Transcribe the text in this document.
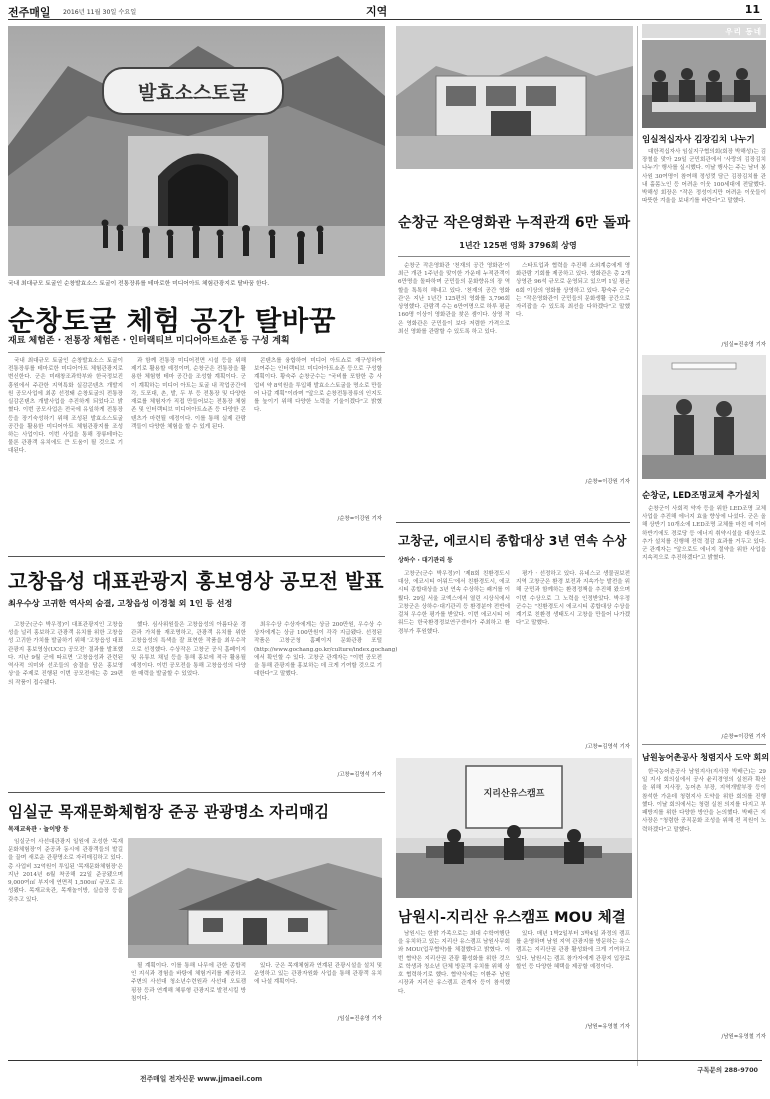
전주매일 2016년 11월 30일 수요일	지역	11
발효소스토굴
국내 최대규모 토굴인 순창발효소스 토굴이 전통장류를 테마로한 미디어아트 체험관광지로 탈바꿈 한다.
순창토굴 체험 공간 탈바꿈
재료 체험존 · 전통장 체험존 · 인터랙티브 미디어아트쇼존 등 구성 계획

국내 최대규모 토굴인 순창발효소스 토굴이 전통장류를 테마로한 미디어아트 체험관광지로 변신한다. 군은 미래창조과학부와 한국정보진흥원에서 주관한 지역특화 실감콘텐츠 개발지원 공모사업에 최종 선정돼 순창토굴의 전통장 실감콘텐츠 개발사업을 추진하게 되었다고 밝혔다. 이번 공모사업은 전국에 유일하게 전통장 등을 장기숙성하기 위해 조성된 발효소스토굴 공간을 활용한 미디어아트 체험관광지를 조성하는 사업이다. 이번 사업을 통해 장류테마는 물론 관광객 유치에도 큰 도움이 될 것으로 기대된다.

과 함께 전통장 미디어전면 시설 등을 위해 제기로 활용할 예정이며, 순창군은 전통장을 활용한 체험형 테마 공간을 조성할 계획이다. 군이 계획하는 미디어 아트는 토굴 내 작업공간에 각, 도포대, 촌, 발, 두 부 등 전통장 및 다양한 재료를 체험자가 직접 만들어보는 전통장 체험존 및 인터랙티브 미디어아트쇼존 등 다양한 콘텐츠가 마련될 예정이다. 이를 통해 실제 관람객들이 다양한 체험을 할 수 있게 된다.

콘텐츠를 융합하여 미디어 아트쇼로 재구성하여 보여주는 인터랙티브 미디어아트쇼존 등으로 구성할 계획이다. 황숙주 순창군수는 "국비를 포함한 총 사업비 약 8억원을 투입해 발효소스토굴을 명소로 만들어 나갈 계획"이라며 "앞으로 순창전통장류의 인지도를 높이기 위해 다양한 노력을 기울이겠다"고 밝혔다.

/순창=이강원 기자
순창군 작은영화관 누적관객 6만 돌파
1년간 125편 영화 3796회 상영

순창군 작은영화관 '천재의 공간 영화관'이 최근 개관 1주년을 맞이한 가운데 누적관객이 6만명을 돌파하며 군민들의 문화향유의 장 역할을 톡톡히 해내고 있다. '천재의 공간 영화관'은 지난 1년간 125편의 영화를 3,796회 상영했다. 관람객 수는 6만여명으로 하루 평균 160명 이상이 영화관을 찾은 셈이다. 상영 작은 영화관은 군민들이 보다 저렴한 가격으로 최신 영화를 관람할 수 있도록 하고 있다.

스타트업과 협력을 추진해 소외계층에게 영화관람 기회를 제공하고 있다. 영화관은 총 2개 상영관 96석 규모로 운영되고 있으며 1일 평균 6회 이상의 영화를 상영하고 있다. 황숙주 군수는 "작은영화관이 군민들의 문화생활 공간으로 자리잡을 수 있도록 최선을 다하겠다"고 말했다.

/순창=이강원 기자
고창읍성 대표관광지 홍보영상 공모전 발표
최우수상 고귀한 역사의 숨결, 고창읍성 이경철 외 1인 등 선정

고창군(군수 박우정)이 대표관광지인 고창읍성을 널리 홍보하고 관광객 유치를 위한 고창읍성 고귀한 가치를 발굴하기 위해 '고창읍성 대표관광지 홍보영상(UCC) 공모전' 결과를 발표했다. 지난 9월 군에 따르면 '고창읍성과 관련된 역사적 의미와 선조들의 숨결을 담은 홍보영상'을 주제로 진행된 이번 공모전에는 총 29편의 작품이 접수됐다.

했다. 심사위원들은 고창읍성의 아름다운 경관과 가치를 재조명하고, 관광객 유치를 위한 고창읍성의 특색을 잘 표현한 작품을 최우수작으로 선정했다. 수상작은 고창군 공식 홈페이지 및 유튜브 채널 등을 통해 홍보에 적극 활용될 예정이다. 이번 공모전을 통해 고창읍성의 다양한 매력을 발굴할 수 있었다.

최우수상 수상자에게는 상금 200만원, 우수상 수상자에게는 상금 100만원이 각각 지급됐다. 선정된 작품은 고창군청 홈페이지 문화관광 포털(http://www.gochang.go.kr/culture/index.gochang)에서 확인할 수 있다. 고창군 관계자는 "이번 공모전을 통해 관광지를 홍보하는 데 크게 기여할 것으로 기대한다"고 말했다.

/고창=김영석 기자
고창군, 에코시티 종합대상 3년 연속 수상
상하수 · 대기관리 등

고창군(군수 박우정)이 '제8회 친환경도시대상, 에코시티 어워드'에서 친환경도시, 에코시티 종합대상을 3년 연속 수상하는 쾌거를 이뤘다. 29일 서울 코엑스에서 열린 시상식에서 고창군은 상하수·대기관리 등 환경분야 전반에 걸쳐 우수한 평가를 받았다. 이번 에코시티 어워드는 한국환경정보연구센터가 주최하고 환경부가 후원했다.

평가 · 선정하고 있다. 유네스코 생물권보전지역 고창군은 환경 보전과 지속가능 발전을 위해 군민과 함께하는 환경정책을 추진해 왔으며 이번 수상으로 그 노력을 인정받았다. 박우정 군수는 "친환경도시 에코시티 종합대상 수상을 계기로 친환경 생태도시 고창을 만들어 나가겠다"고 말했다.

/고창=김영석 기자
임실군 목재문화체험장 준공 관광명소 자리매김
목재교육관 · 놀이방 등

임실군이 사선대관광지 일원에 조성한 '목재문화체험장'이 준공과 동시에 관광객들의 발길을 끌며 새로운 관광명소로 자리매김하고 있다. 총 사업비 32억원이 투입된 '목재문화체험장'은 지난 2014년 6월 착공해 22일 준공됐으며 9,000여㎡ 부지에 연면적 1,500㎡ 규모로 조성됐다. 목재교육관, 목재놀이방, 실습장 등을 갖추고 있다.

될 계획이다. 이를 통해 나무에 관한 종합적인 지식과 경험을 바탕에 체험거리를 제공하고 주변의 사선대 청소년수련원과 사선대 오토캠핑장 등과 연계해 체류형 관광지로 발전시킬 방침이다.

있다. 군은 목재체험과 연계된 관광시설을 설치 및 운영하고 있는 관광자원화 사업을 통해 관광객 유치에 나설 계획이다.

/임실=진송영 기자
지리산유스캠프
남원시-지리산 유스캠프 MOU 체결

남원시는 한밝 가족으로는 최대 수학여행단을 유치하고 있는 지리산 유스캠프 남원사무회와 MOU(업무협약)를 체결했다고 밝혔다. 이번 협약은 지리산권 관광 활성화를 위한 것으로 학생과 청소년 단체 방문객 유치를 위해 상호 협력하기로 했다. 협약식에는 이환주 남원시장과 지리산 유스캠프 관계자 등이 참석했다.

있다. 매년 1박2일부터 3박4일 과정의 캠프를 운영하며 남원 지역 관광지를 방문하는 유스캠프는 지리산권 관광 활성화에 크게 기여하고 있다. 남원시는 캠프 참가자에게 관광지 입장료 할인 등 다양한 혜택을 제공할 예정이다.

/남원=유영철 기자
우리 동네
임실적십자사 김장김치 나누기

대한적십자사 임실지구협의회(회장 박해성)는 김장철을 맞아 29일 군민회관에서 '사랑의 김장김치 나누기' 행사를 실시했다. 이날 행사는 주는 남녀 봉사원 30여명이 참여해 정성껏 담근 김장김치를 관내 홀몸노인 등 어려운 이웃 100세대에 전달했다. 박해성 회장은 "작은 정성이지만 어려운 이웃들이 따뜻한 겨울을 보내기를 바란다"고 말했다.

/임실=진송영 기자
순창군, LED조명교체 추가설치

순창군이 사회적 약자 등을 위한 LED조명 교체 사업을 추진해 에너지 효율 향상에 나섰다. 군은 올해 상반기 10개소에 LED조명 교체를 마친 데 이어 하반기에도 경로당 등 에너지 취약시설을 대상으로 추가 설치를 진행해 전력 절감 효과를 거두고 있다. 군 관계자는 "앞으로도 에너지 절약을 위한 사업을 지속적으로 추진하겠다"고 밝혔다.

/순창=이강원 기자
남원농어촌공사 청렴지사 도약 회의

한국농어촌공사 남원지사(지사장 박배근)는 29일 지사 회의실에서 공사 윤리경영의 실천과 확산을 위해 지사장, 농어촌 부장, 지역개발부장 등이 참석한 가운데 청렴지사 도약을 위한 회의를 진행했다. 이날 회의에서는 청렴 실천 의지를 다지고 부패방지를 위한 다양한 방안을 논의했다. 박배근 지사장은 "청렴한 공직문화 조성을 위해 전 직원이 노력하겠다"고 말했다.

/남원=유영철 기자
전주매일 전자신문 www.jjmaeil.com
구독문의 288-9700
